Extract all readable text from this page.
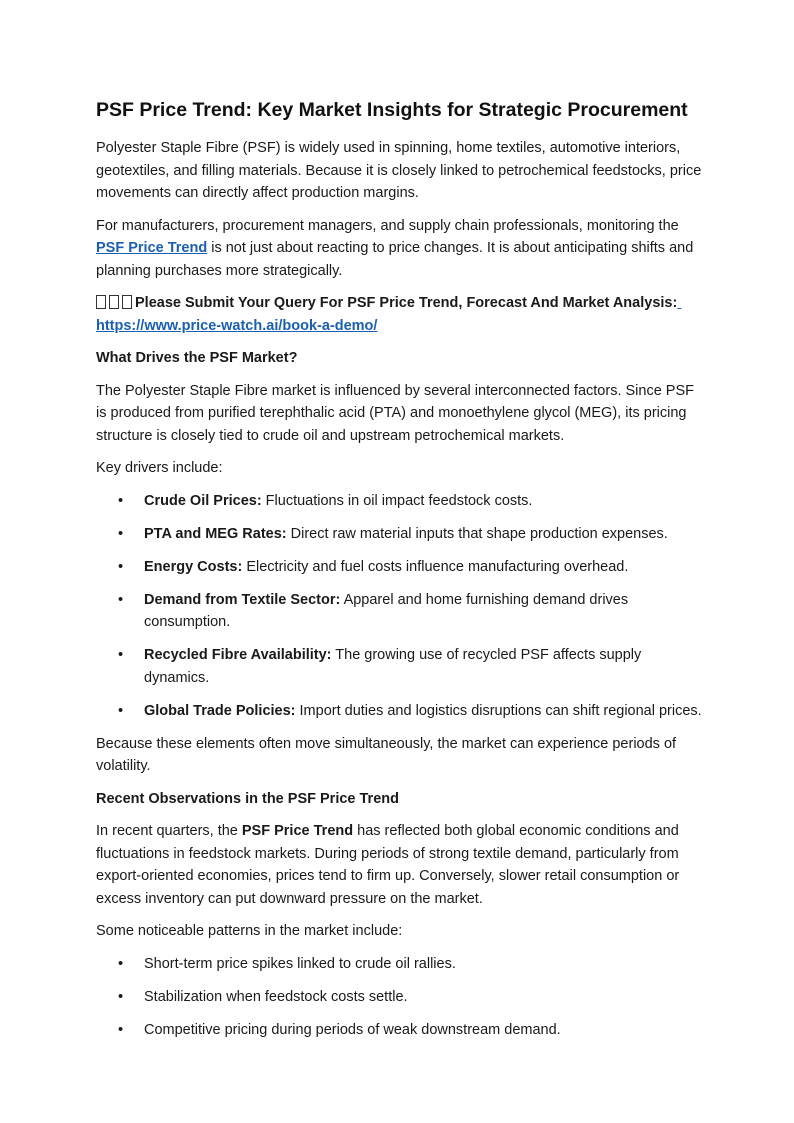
PSF Price Trend: Key Market Insights for Strategic Procurement

Polyester Staple Fibre (PSF) is widely used in spinning, home textiles, automotive interiors, geotextiles, and filling materials. Because it is closely linked to petrochemical feedstocks, price movements can directly affect production margins.

For manufacturers, procurement managers, and supply chain professionals, monitoring the PSF Price Trend is not just about reacting to price changes. It is about anticipating shifts and planning purchases more strategically.

Please Submit Your Query For PSF Price Trend, Forecast And Market Analysis:
https://www.price-watch.ai/book-a-demo/

What Drives the PSF Market?

The Polyester Staple Fibre market is influenced by several interconnected factors. Since PSF is produced from purified terephthalic acid (PTA) and monoethylene glycol (MEG), its pricing structure is closely tied to crude oil and upstream petrochemical markets.

Key drivers include:

• Crude Oil Prices: Fluctuations in oil impact feedstock costs.
• PTA and MEG Rates: Direct raw material inputs that shape production expenses.
• Energy Costs: Electricity and fuel costs influence manufacturing overhead.
• Demand from Textile Sector: Apparel and home furnishing demand drives consumption.
• Recycled Fibre Availability: The growing use of recycled PSF affects supply dynamics.
• Global Trade Policies: Import duties and logistics disruptions can shift regional prices.

Because these elements often move simultaneously, the market can experience periods of volatility.

Recent Observations in the PSF Price Trend

In recent quarters, the PSF Price Trend has reflected both global economic conditions and fluctuations in feedstock markets. During periods of strong textile demand, particularly from export-oriented economies, prices tend to firm up. Conversely, slower retail consumption or excess inventory can put downward pressure on the market.

Some noticeable patterns in the market include:

• Short-term price spikes linked to crude oil rallies.
• Stabilization when feedstock costs settle.
• Competitive pricing during periods of weak downstream demand.
